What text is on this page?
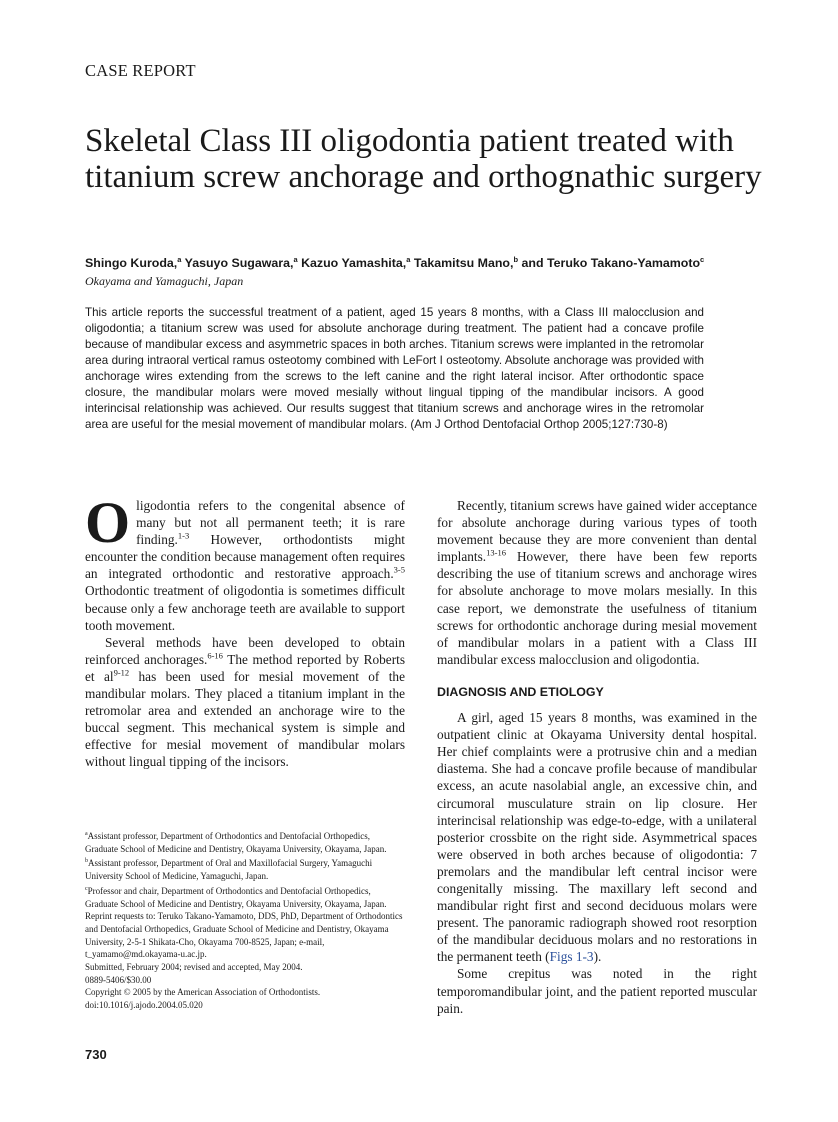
CASE REPORT
Skeletal Class III oligodontia patient treated with titanium screw anchorage and orthognathic surgery

Shingo Kuroda,$^a$ Yasuyo Sugawara,$^a$ Kazuo Yamashita,$^a$ Takamitsu Mano,$^b$ and Teruko Takano-Yamamoto$^c$

Okayama and Yamaguchi, Japan

This article reports the successful treatment of a patient, aged 15 years 8 months, with a Class III malocclusion and oligodontia; a titanium screw was used for absolute anchorage during treatment. The patient had a concave profile because of mandibular excess and asymmetric spaces in both arches. Titanium screws were implanted in the retromolar area during intraoral vertical ramus osteotomy combined with LeFort I osteotomy. Absolute anchorage was provided with anchorage wires extending from the screws to the left canine and the right lateral incisor. After orthodontic space closure, the mandibular molars were moved mesially without lingual tipping of the mandibular incisors. A good interincisal relationship was achieved. Our results suggest that titanium screws and anchorage wires in the retromolar area are useful for the mesial movement of mandibular molars. (Am J Orthod Dentofacial Orthop 2005;127:730-8)

Oligodontia refers to the congenital absence of many but not all permanent teeth; it is rare finding.$^{1-3}$ However, orthodontists might encounter the condition because management often requires an integrated orthodontic and restorative approach.$^{3-5}$ Orthodontic treatment of oligodontia is sometimes difficult because only a few anchorage teeth are available to support tooth movement.

Several methods have been developed to obtain reinforced anchorages.$^{6-16}$ The method reported by Roberts et al$^{9-12}$ has been used for mesial movement of the mandibular molars. They placed a titanium implant in the retromolar area and extended an anchorage wire to the buccal segment. This mechanical system is simple and effective for mesial movement of mandibular molars without lingual tipping of the incisors.

Recently, titanium screws have gained wider acceptance for absolute anchorage during various types of tooth movement because they are more convenient than dental implants.$^{13-16}$ However, there have been few reports describing the use of titanium screws and anchorage wires for absolute anchorage to move molars mesially. In this case report, we demonstrate the usefulness of titanium screws for orthodontic anchorage during mesial movement of mandibular molars in a patient with a Class III mandibular excess malocclusion and oligodontia.

DIAGNOSIS AND ETIOLOGY

A girl, aged 15 years 8 months, was examined in the outpatient clinic at Okayama University dental hospital. Her chief complaints were a protrusive chin and a median diastema. She had a concave profile because of mandibular excess, an acute nasolabial angle, an excessive chin, and circumoral musculature strain on lip closure. Her interincisal relationship was edge-to-edge, with a unilateral posterior crossbite on the right side. Asymmetrical spaces were observed in both arches because of oligodontia: 7 premolars and the mandibular left central incisor were congenitally missing. The maxillary left second and mandibular right first and second deciduous molars were present. The panoramic radiograph showed root resorption of the mandibular deciduous molars and no restorations in the permanent teeth (Figs 1-3).

Some crepitus was noted in the right temporomandibular joint, and the patient reported muscular pain.

$^a$Assistant professor, Department of Orthodontics and Dentofacial Orthopedics, Graduate School of Medicine and Dentistry, Okayama University, Okayama, Japan.

$^b$Assistant professor, Department of Oral and Maxillofacial Surgery, Yamaguchi University School of Medicine, Yamaguchi, Japan.

$^c$Professor and chair, Department of Orthodontics and Dentofacial Orthopedics, Graduate School of Medicine and Dentistry, Okayama University, Okayama, Japan.

Reprint requests to: Teruko Takano-Yamamoto, DDS, PhD, Department of Orthodontics and Dentofacial Orthopedics, Graduate School of Medicine and Dentistry, Okayama University, 2-5-1 Shikata-Cho, Okayama 700-8525, Japan; e-mail, t_yamamo@md.okayama-u.ac.jp.

Submitted, February 2004; revised and accepted, May 2004.

0889-5406/$30.00

Copyright © 2005 by the American Association of Orthodontists.

doi:10.1016/j.ajodo.2004.05.020

730
